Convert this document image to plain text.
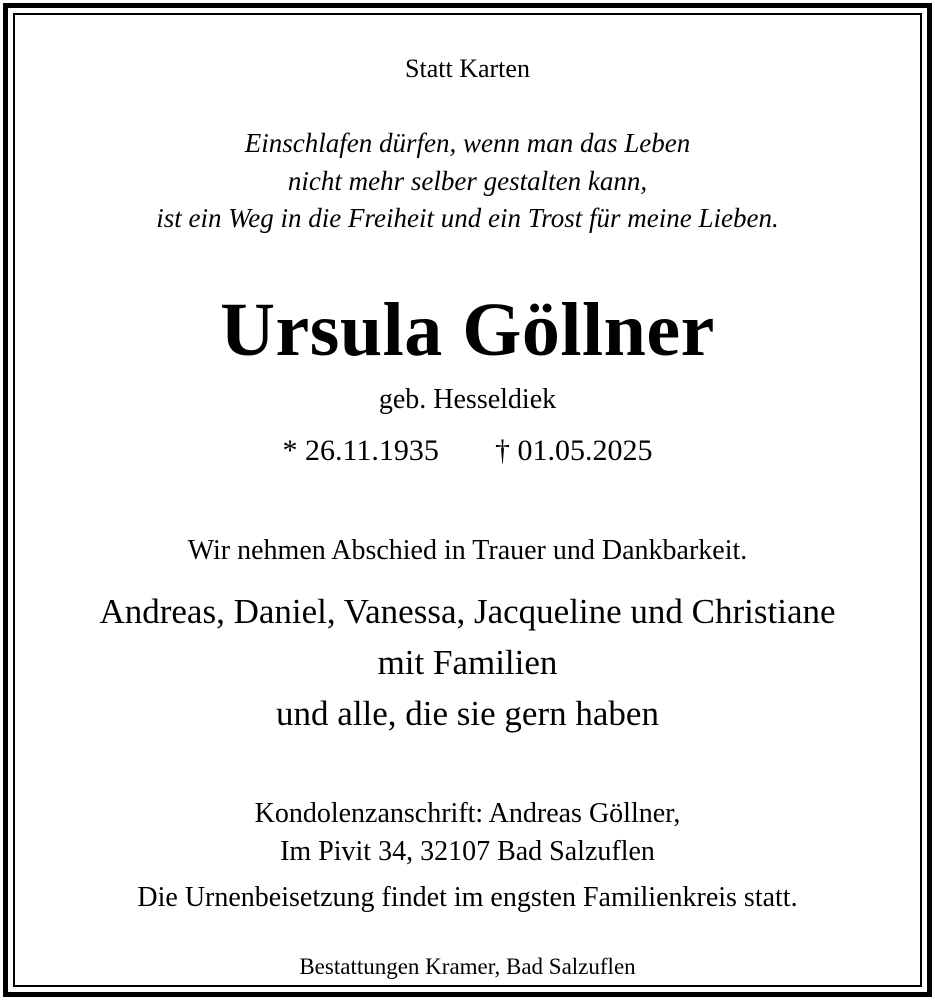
Statt Karten
Einschlafen dürfen, wenn man das Leben
nicht mehr selber gestalten kann,
ist ein Weg in die Freiheit und ein Trost für meine Lieben.
Ursula Göllner
geb. Hesseldiek
* 26.11.1935 † 01.05.2025
Wir nehmen Abschied in Trauer und Dankbarkeit.
Andreas, Daniel, Vanessa, Jacqueline und Christiane
mit Familien
und alle, die sie gern haben
Kondolenzanschrift: Andreas Göllner,
Im Pivit 34, 32107 Bad Salzuflen
Die Urnenbeisetzung findet im engsten Familienkreis statt.
Bestattungen Kramer, Bad Salzuflen
